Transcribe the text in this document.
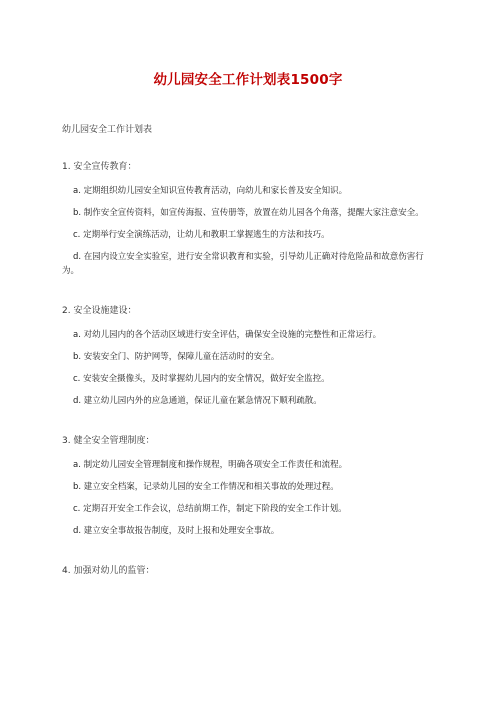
幼儿园安全工作计划表1500字
幼儿园安全工作计划表
1. 安全宣传教育：
a. 定期组织幼儿园安全知识宣传教育活动，向幼儿和家长普及安全知识。
b. 制作安全宣传资料，如宣传海报、宣传册等，放置在幼儿园各个角落，提醒大家注意安全。
c. 定期举行安全演练活动，让幼儿和教职工掌握逃生的方法和技巧。
d. 在园内设立安全实验室，进行安全常识教育和实验，引导幼儿正确对待危险品和故意伤害行为。
2. 安全设施建设：
a. 对幼儿园内的各个活动区域进行安全评估，确保安全设施的完整性和正常运行。
b. 安装安全门、防护网等，保障儿童在活动时的安全。
c. 安装安全摄像头，及时掌握幼儿园内的安全情况，做好安全监控。
d. 建立幼儿园内外的应急通道，保证儿童在紧急情况下顺利疏散。
3. 健全安全管理制度：
a. 制定幼儿园安全管理制度和操作规程，明确各项安全工作责任和流程。
b. 建立安全档案，记录幼儿园的安全工作情况和相关事故的处理过程。
c. 定期召开安全工作会议，总结前期工作，制定下阶段的安全工作计划。
d. 建立安全事故报告制度，及时上报和处理安全事故。
4. 加强对幼儿的监管：
